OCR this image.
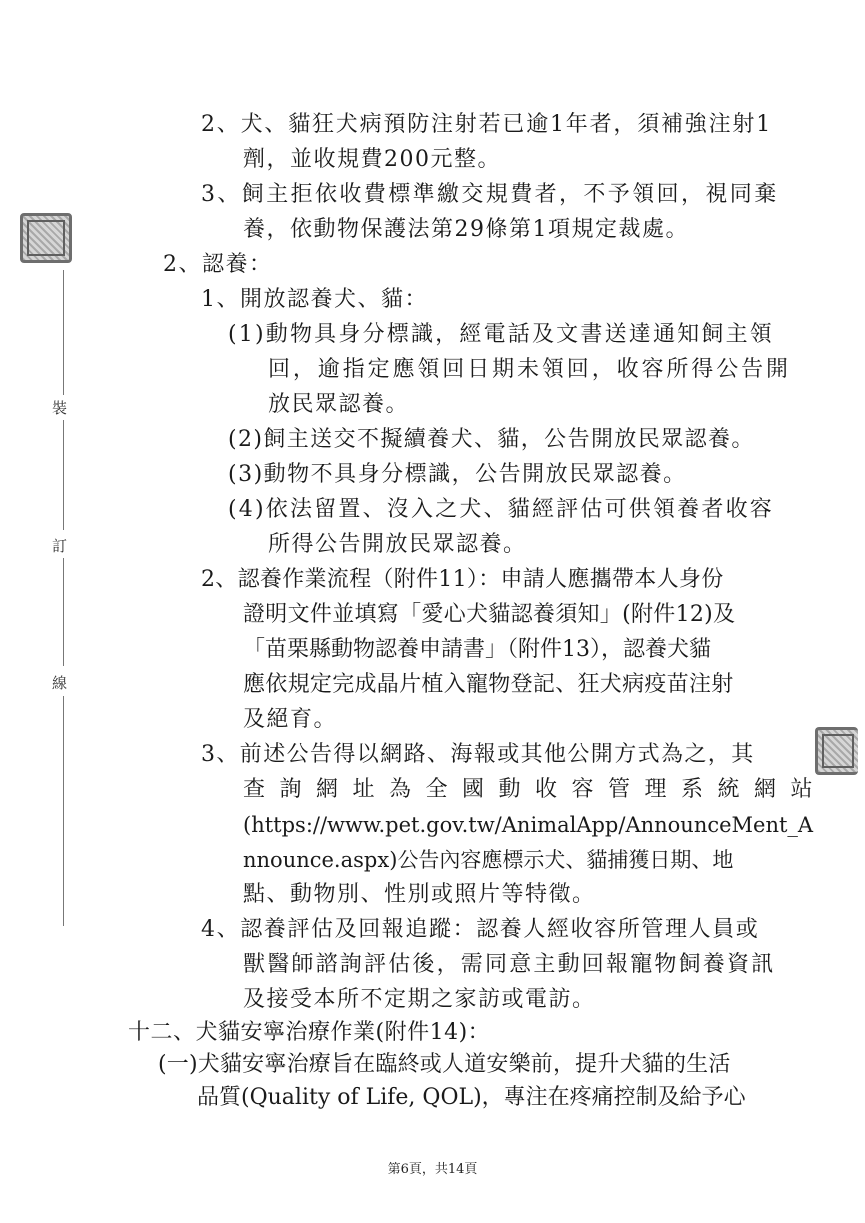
裝
訂
線
2、犬、貓狂犬病預防注射若已逾1年者，須補強注射1
劑，並收規費200元整。
3、飼主拒依收費標準繳交規費者，不予領回，視同棄
養，依動物保護法第29條第1項規定裁處。
2、認養：
1、開放認養犬、貓：
(1)動物具身分標識，經電話及文書送達通知飼主領
回，逾指定應領回日期未領回，收容所得公告開
放民眾認養。
(2)飼主送交不擬續養犬、貓，公告開放民眾認養。
(3)動物不具身分標識，公告開放民眾認養。
(4)依法留置、沒入之犬、貓經評估可供領養者收容
所得公告開放民眾認養。
2、認養作業流程（附件11）：申請人應攜帶本人身份
證明文件並填寫「愛心犬貓認養須知」(附件12)及
「苗栗縣動物認養申請書」（附件13），認養犬貓
應依規定完成晶片植入寵物登記、狂犬病疫苗注射
及絕育。
3、前述公告得以網路、海報或其他公開方式為之，其
查詢網址為全國動收容管理系統網站
(https://www.pet.gov.tw/AnimalApp/AnnounceMent_A
nnounce.aspx)公告內容應標示犬、貓捕獲日期、地
點、動物別、性別或照片等特徵。
4、認養評估及回報追蹤：認養人經收容所管理人員或
獸醫師諮詢評估後，需同意主動回報寵物飼養資訊
及接受本所不定期之家訪或電訪。
十二、犬貓安寧治療作業(附件14)：
(一)犬貓安寧治療旨在臨終或人道安樂前，提升犬貓的生活
品質(Quality of Life, QOL)，專注在疼痛控制及給予心
第6頁，共14頁
